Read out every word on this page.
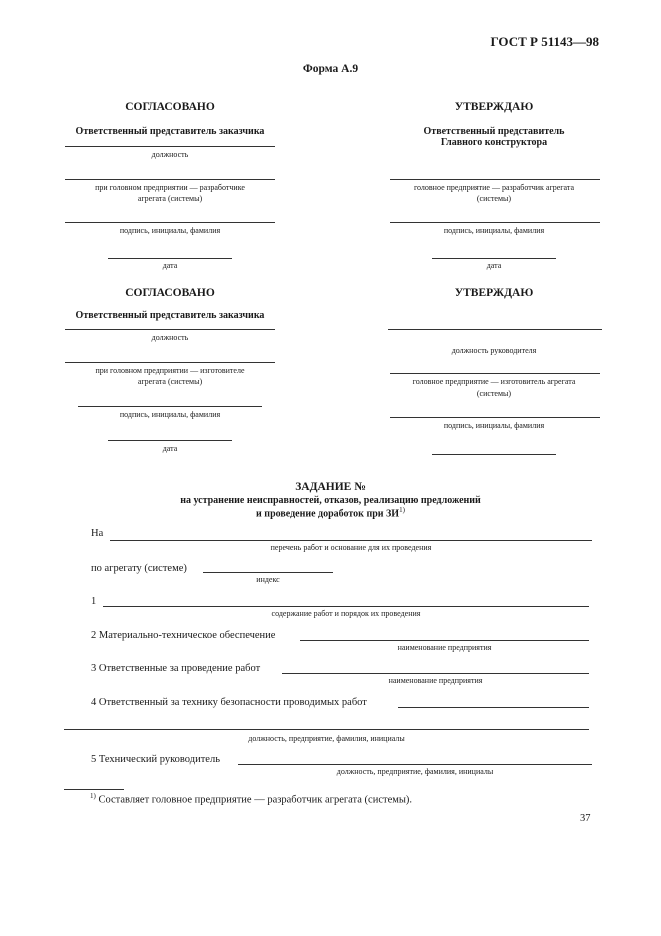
ГОСТ Р 51143—98
Форма А.9
СОГЛАСОВАНО
Ответственный представитель заказчика
должность
при головном предприятии — разработчике
агрегата (системы)
подпись, инициалы, фамилия
дата
УТВЕРЖДАЮ
Ответственный представитель
Главного конструктора
головное предприятие — разработчик агрегата
(системы)
подпись, инициалы, фамилия
дата
СОГЛАСОВАНО
Ответственный представитель заказчика
должность
при головном предприятии — изготовителе
агрегата (системы)
подпись, инициалы, фамилия
дата
УТВЕРЖДАЮ
должность руководителя
головное предприятие — изготовитель агрегата
(системы)
подпись, инициалы, фамилия
ЗАДАНИЕ №
на устранение неисправностей, отказов, реализацию предложений
и проведение доработок при ЗИ$^{1)}$
На
перечень работ и основание для их проведения
по агрегату (системе)
индекс
1
содержание работ и порядок их проведения
2 Материально-техническое обеспечение
наименование предприятия
3 Ответственные за проведение работ
наименование предприятия
4 Ответственный за технику безопасности проводимых работ
должность, предприятие, фамилия, инициалы
5 Технический руководитель
должность, предприятие, фамилия, инициалы
$^{1)}$ Составляет головное предприятие — разработчик агрегата (системы).
37
